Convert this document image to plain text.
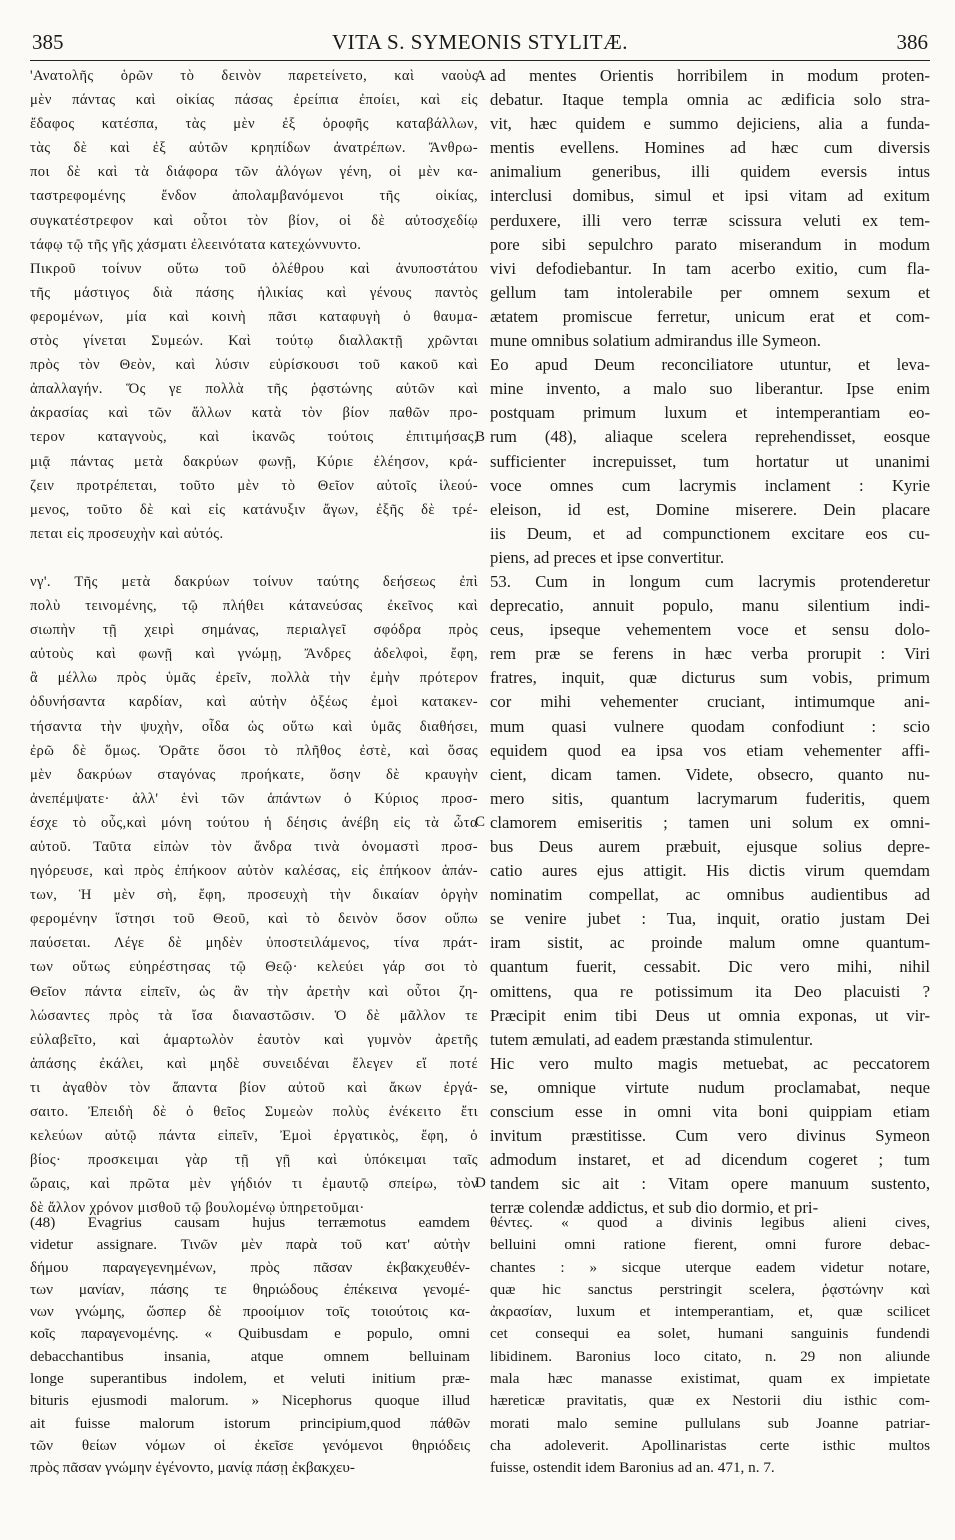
385	VITA S. SYMEONIS STYLITÆ.	386
'Ανατολῆς ὁρῶν τὸ δεινὸν παρετείνετο, καὶ ναοὺς
μὲν πάντας καὶ οἰκίας πάσας ἐρείπια ἐποίει, καὶ εἰς
ἔδαφος κατέσπα, τὰς μὲν ἐξ ὀροφῆς καταβάλλων,
τὰς δὲ καὶ ἐξ αὐτῶν κρηπίδων ἀνατρέπων. Ἄνθρω-
ποι δὲ καὶ τὰ διάφορα τῶν ἀλόγων γένη, οἱ μὲν κα-
ταστρεφομένης ἔνδον ἀπολαμβανόμενοι τῆς οἰκίας,
συγκατέστρεφον καὶ οὗτοι τὸν βίον, οἱ δὲ αὐτοσχεδίῳ
τάφῳ τῷ τῆς γῆς χάσματι ἐλεεινότατα κατεχώννυντο.
Πικροῦ τοίνυν οὕτω τοῦ ὀλέθρου καὶ ἀνυποστάτου
τῆς μάστιγος διὰ πάσης ἡλικίας καὶ γένους παντὸς
φερομένων, μία καὶ κοινὴ πᾶσι καταφυγὴ ὁ θαυμα-
στὸς γίνεται Συμεών. Καὶ τούτῳ διαλλακτῇ χρῶνται
πρὸς τὸν Θεὸν, καὶ λύσιν εὑρίσκουσι τοῦ κακοῦ καὶ
ἀπαλλαγήν. Ὅς γε πολλὰ τῆς ῥᾳστώνης αὐτῶν καὶ
ἀκρασίας καὶ τῶν ἄλλων κατὰ τὸν βίον παθῶν προ-
τερον καταγνοὺς, καὶ ἱκανῶς τούτοις ἐπιτιμήσας,
μιᾷ πάντας μετὰ δακρύων φωνῇ, Κύριε ἐλέησον, κρά-
ζειν προτρέπεται, τοῦτο μὲν τὸ Θεῖον αὐτοῖς ἱλεού-
μενος, τοῦτο δὲ καὶ εἰς κατάνυξιν ἄγων, ἐξῆς δὲ τρέ-
πεται εἰς προσευχὴν καὶ αὐτός.

νγ'. Τῆς μετὰ δακρύων τοίνυν ταύτης δεήσεως ἐπὶ
πολὺ τεινομένης, τῷ πλήθει κάτανεύσας ἐκεῖνος καὶ
σιωπὴν τῇ χειρὶ σημάνας, περιαλγεῖ σφόδρα πρὸς
αὐτοὺς καὶ φωνῇ καὶ γνώμῃ, Ἄνδρες ἀδελφοὶ, ἔφη,
ἃ μέλλω πρὸς ὑμᾶς ἐρεῖν, πολλὰ τὴν ἐμὴν πρότερον
ὀδυνήσαντα καρδίαν, καὶ αὐτὴν ὀξέως ἐμοὶ κατακεν-
τήσαντα τὴν ψυχὴν, οἶδα ὡς οὕτω καὶ ὑμᾶς διαθήσει,
ἐρῶ δὲ ὅμως. Ὁρᾶτε ὅσοι τὸ πλῆθος ἐστὲ, καὶ ὅσας
μὲν δακρύων σταγόνας προήκατε, ὅσην δὲ κραυγὴν
ἀνεπέμψατε· ἀλλ' ἑνὶ τῶν ἁπάντων ὁ Κύριος προσ-
έσχε τὸ οὖς,καὶ μόνη τούτου ἡ δέησις ἀνέβη εἰς τὰ ὦτα
αὐτοῦ. Ταῦτα εἰπὼν τὸν ἄνδρα τινὰ ὀνομαστὶ προσ-
ηγόρευσε, καὶ πρὸς ἐπήκοον αὐτὸν καλέσας, εἰς ἐπήκοον ἁπάν-
των, Ἡ μὲν σὴ, ἔφη, προσευχὴ τὴν δικαίαν ὀργὴν
φερομένην ἵστησι τοῦ Θεοῦ, καὶ τὸ δεινὸν ὅσον οὔπω
παύσεται. Λέγε δὲ μηδὲν ὑποστειλάμενος, τίνα πράτ-
των οὕτως εὐηρέστησας τῷ Θεῷ· κελεύει γάρ σοι τὸ
Θεῖον πάντα εἰπεῖν, ὡς ἂν τὴν ἀρετὴν καὶ οὗτοι ζη-
λώσαντες πρὸς τὰ ἴσα διαναστῶσιν. Ὁ δὲ μᾶλλον τε
εὐλαβεῖτο, καὶ ἁμαρτωλὸν ἑαυτὸν καὶ γυμνὸν ἀρετῆς
ἁπάσης ἐκάλει, καὶ μηδὲ συνειδέναι ἔλεγεν εἴ ποτέ
τι ἀγαθὸν τὸν ἅπαντα βίον αὐτοῦ καὶ ἄκων ἐργά-
σαιτο. Ἐπειδὴ δὲ ὁ θεῖος Συμεὼν πολὺς ἐνέκειτο ἔτι
κελεύων αὐτῷ πάντα εἰπεῖν, Ἐμοὶ ἐργατικὸς, ἔφη, ὁ
βίος· προσκειμαι γὰρ τῇ γῇ καὶ ὑπόκειμαι ταῖς
ὥραις, καὶ πρῶτα μὲν γήδιόν τι ἐμαυτῷ σπείρω, τὸν
δὲ ἄλλον χρόνον μισθοῦ τῷ βουλομένῳ ὑπηρετοῦμαι·
ad mentes Orientis horribilem in modum proten-
debatur. Itaque templa omnia ac ædificia solo stra-
vit, hæc quidem e summo dejiciens, alia a funda-
mentis evellens. Homines ad hæc cum diversis
animalium generibus, illi quidem eversis intus
interclusi domibus, simul et ipsi vitam ad exitum
perduxere, illi vero terræ scissura veluti ex tem-
pore sibi sepulchro parato miserandum in modum
vivi defodiebantur. In tam acerbo exitio, cum fla-
gellum tam intolerabile per omnem sexum et
ætatem promiscue ferretur, unicum erat et com-
mune omnibus solatium admirandus ille Symeon.
Eo apud Deum reconciliatore utuntur, et leva-
mine invento, a malo suo liberantur. Ipse enim
postquam primum luxum et intemperantiam eo-
rum (48), aliaque scelera reprehendisset, eosque
sufficienter increpuisset, tum hortatur ut unanimi
voce omnes cum lacrymis inclament : Kyrie
eleison, id est, Domine miserere. Dein placare
iis Deum, et ad compunctionem excitare eos cu-
piens, ad preces et ipse convertitur.
53. Cum in longum cum lacrymis protenderetur
deprecatio, annuit populo, manu silentium indi-
ceus, ipseque vehementem voce et sensu dolo-
rem præ se ferens in hæc verba prorupit : Viri
fratres, inquit, quæ dicturus sum vobis, primum
cor mihi vehementer cruciant, intimumque ani-
mum quasi vulnere quodam confodiunt : scio
equidem quod ea ipsa vos etiam vehementer affi-
cient, dicam tamen. Videte, obsecro, quanto nu-
mero sitis, quantum lacrymarum fuderitis, quem
clamorem emiseritis ; tamen uni solum ex omni-
bus Deus aurem præbuit, ejusque solius depre-
catio aures ejus attigit. His dictis virum quemdam
nominatim compellat, ac omnibus audientibus ad
se venire jubet : Tua, inquit, oratio justam Dei
iram sistit, ac proinde malum omne quantum-
quantum fuerit, cessabit. Dic vero mihi, nihil
omittens, qua re potissimum ita Deo placuisti ?
Præcipit enim tibi Deus ut omnia exponas, ut vir-
tutem æmulati, ad eadem præstanda stimulentur.
Hic vero multo magis metuebat, ac peccatorem
se, omnique virtute nudum proclamabat, neque
conscium esse in omni vita boni quippiam etiam
invitum præstitisse. Cum vero divinus Symeon
admodum instaret, et ad dicendum cogeret ; tum
tandem sic ait : Vitam opere manuum sustento,
terræ colendæ addictus, et sub dio dormio, et pri-
A
B
C
D
(48) Evagrius causam hujus terræmotus eamdem
videtur assignare. Τινῶν μὲν παρὰ τοῦ κατ' αὐτὴν
δήμου παραγεγενημένων, πρὸς πᾶσαν ἐκβακχευθέν-
των μανίαν, πάσης τε θηριώδους ἐπέκεινα γενομέ-
νων γνώμης, ὥσπερ δὲ προοίμιον τοῖς τοιούτοις κα-
κοῖς παραγενομένης. « Quibusdam e populo, omni
debacchantibus insania, atque omnem belluinam
longe superantibus indolem, et veluti initium præ-
bituris ejusmodi malorum. » Nicephorus quoque illud
ait fuisse malorum istorum principium,quod πάθῶν
τῶν θείων νόμων οἱ ἐκεῖσε γενόμενοι θηριόδεις
πρὸς πᾶσαν γνώμην ἐγένοντο, μανίᾳ πάσῃ ἐκβακχευ-
θέντες. « quod a divinis legibus alieni cives,
belluini omni ratione fierent, omni furore debac-
chantes : » sicque uterque eadem videtur notare,
quæ hic sanctus perstringit scelera, ῥᾳστώνην καὶ
ἀκρασίαν, luxum et intemperantiam, et, quæ scilicet
cet consequi ea solet, humani sanguinis fundendi
libidinem. Baronius loco citato, n. 29 non aliunde
mala hæc manasse existimat, quam ex impietate
hæreticæ pravitatis, quæ ex Nestorii diu isthic com-
morati malo semine pullulans sub Joanne patriar-
cha adoleverit. Apollinaristas certe isthic multos
fuisse, ostendit idem Baronius ad an. 471, n. 7.
